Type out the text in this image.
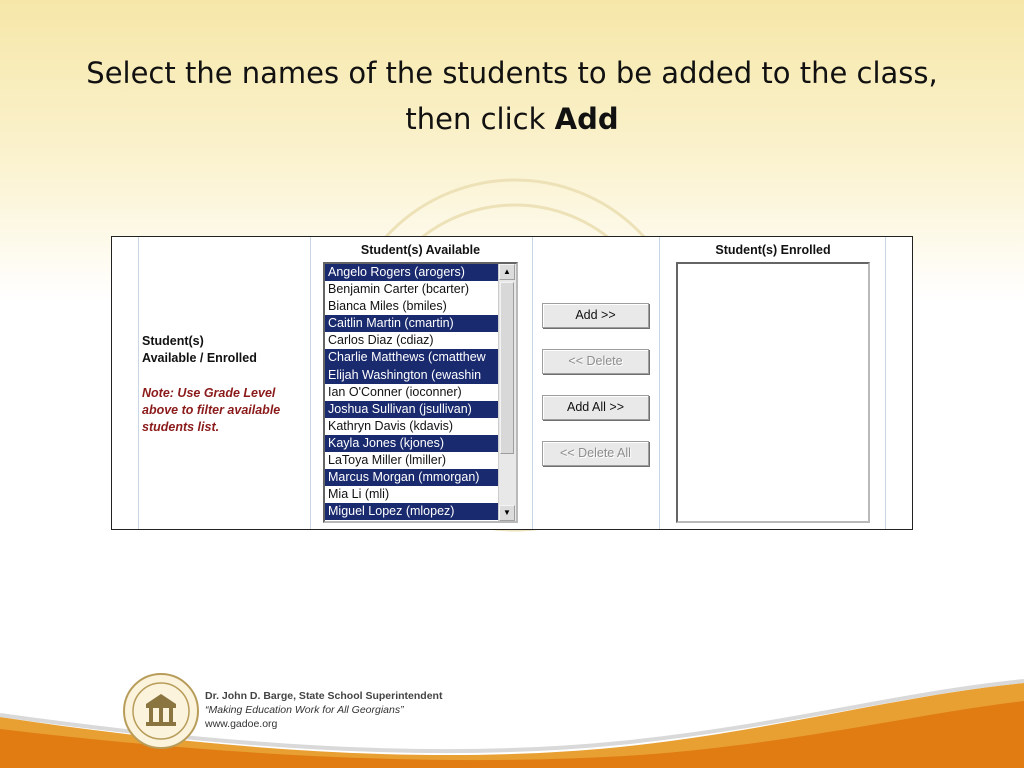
Select the names of the students to be added to the class, then click Add
Student(s)
Available / Enrolled
Note: Use Grade Level above to filter available students list.
Student(s) Available	Student(s) Enrolled
Angelo Rogers (arogers)
Benjamin Carter (bcarter)
Bianca Miles (bmiles)
Caitlin Martin (cmartin)
Carlos Diaz (cdiaz)
Charlie Matthews (cmatthew
Elijah Washington (ewashin
Ian O'Conner (ioconner)
Joshua Sullivan (jsullivan)
Kathryn Davis (kdavis)
Kayla Jones (kjones)
LaToya Miller (lmiller)
Marcus Morgan (mmorgan)
Mia Li (mli)
Miguel Lopez (mlopez)
▲
▼
Add >>
<< Delete
Add All >>
<< Delete All
Dr. John D. Barge, State School Superintendent
“Making Education Work for All Georgians”
www.gadoe.org
